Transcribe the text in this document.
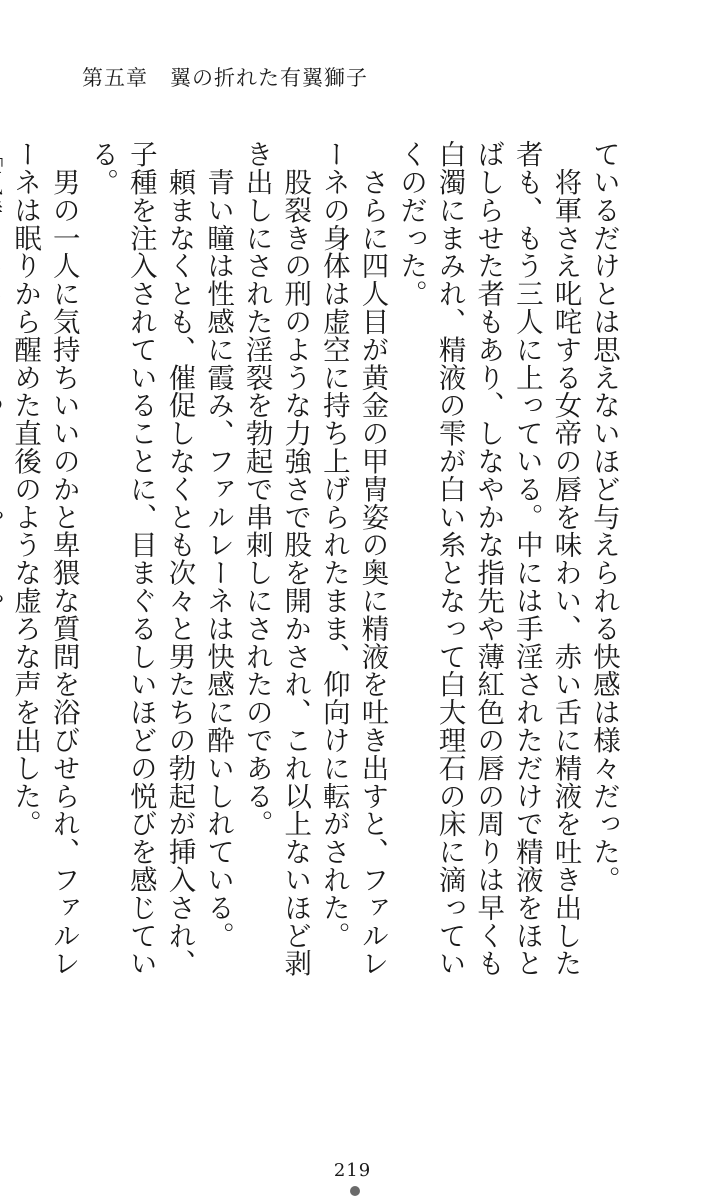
第五章　翼の折れた有翼獅子

ているだけとは思えないほど与えられる快感は様々だった。

　将軍さえ叱咤する女帝の唇を味わい、赤い舌に精液を吐き出した者も、もう三人に上っている。中には手淫されただけで精液をほとばしらせた者もあり、しなやかな指先や薄紅色の唇の周りは早くも白濁にまみれ、精液の雫が白い糸となって白大理石の床に滴っていくのだった。

　さらに四人目が黄金の甲冑姿の奥に精液を吐き出すと、ファルレーネの身体は虚空に持ち上げられたまま、仰向けに転がされた。

　股裂きの刑のような力強さで股を開かされ、これ以上ないほど剥き出しにされた淫裂を勃起で串刺しにされたのである。

　青い瞳は性感に霞み、ファルレーネは快感に酔いしれている。

　頼まなくとも、催促しなくとも次々と男たちの勃起が挿入され、子種を注入されていることに、目まぐるしいほどの悦びを感じている。

　男の一人に気持ちいいのかと卑猥な質問を浴びせられ、ファルレーネは眠りから醒めた直後のような虚ろな声を出した。

219
